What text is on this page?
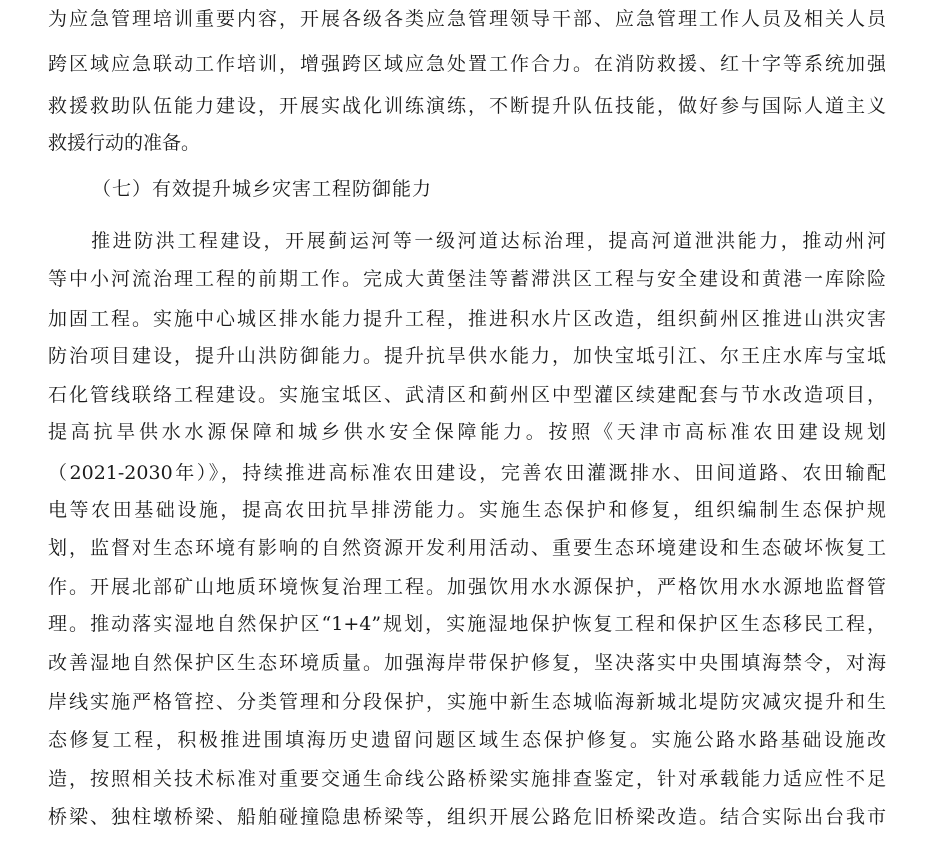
为应急管理培训重要内容，开展各级各类应急管理领导干部、应急管理工作人员及相关人员
跨区域应急联动工作培训，增强跨区域应急处置工作合力。在消防救援、红十字等系统加强
救援救助队伍能力建设，开展实战化训练演练，不断提升队伍技能，做好参与国际人道主义
救援行动的准备。
（七）有效提升城乡灾害工程防御能力
　　推进防洪工程建设，开展蓟运河等一级河道达标治理，提高河道泄洪能力，推动州河
等中小河流治理工程的前期工作。完成大黄堡洼等蓄滞洪区工程与安全建设和黄港一库除险
加固工程。实施中心城区排水能力提升工程，推进积水片区改造，组织蓟州区推进山洪灾害
防治项目建设，提升山洪防御能力。提升抗旱供水能力，加快宝坻引江、尔王庄水库与宝坻
石化管线联络工程建设。实施宝坻区、武清区和蓟州区中型灌区续建配套与节水改造项目，
提高抗旱供水水源保障和城乡供水安全保障能力。按照《天津市高标准农田建设规划
（2021-2030年）》，持续推进高标准农田建设，完善农田灌溉排水、田间道路、农田输配
电等农田基础设施，提高农田抗旱排涝能力。实施生态保护和修复，组织编制生态保护规
划，监督对生态环境有影响的自然资源开发利用活动、重要生态环境建设和生态破坏恢复工
作。开展北部矿山地质环境恢复治理工程。加强饮用水水源保护，严格饮用水水源地监督管
理。推动落实湿地自然保护区“1+4”规划，实施湿地保护恢复工程和保护区生态移民工程，
改善湿地自然保护区生态环境质量。加强海岸带保护修复，坚决落实中央围填海禁令，对海
岸线实施严格管控、分类管理和分段保护，实施中新生态城临海新城北堤防灾减灾提升和生
态修复工程，积极推进围填海历史遗留问题区域生态保护修复。实施公路水路基础设施改
造，按照相关技术标准对重要交通生命线公路桥梁实施排查鉴定，针对承载能力适应性不足
桥梁、独柱墩桥梁、船舶碰撞隐患桥梁等，组织开展公路危旧桥梁改造。结合实际出台我市
